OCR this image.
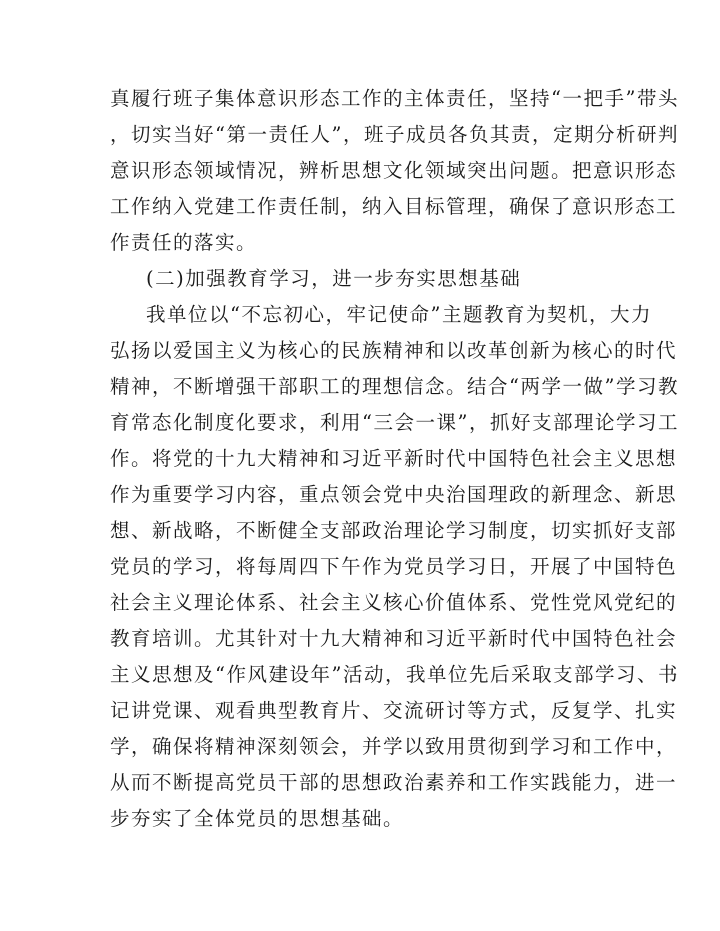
真履行班子集体意识形态工作的主体责任，坚持“一把手”带头
，切实当好“第一责任人”，班子成员各负其责，定期分析研判
意识形态领域情况，辨析思想文化领域突出问题。把意识形态
工作纳入党建工作责任制，纳入目标管理，确保了意识形态工
作责任的落实。
(二)加强教育学习，进一步夯实思想基础
我单位以“不忘初心，牢记使命”主题教育为契机，大力
弘扬以爱国主义为核心的民族精神和以改革创新为核心的时代
精神，不断增强干部职工的理想信念。结合“两学一做”学习教
育常态化制度化要求，利用“三会一课”，抓好支部理论学习工
作。将党的十九大精神和习近平新时代中国特色社会主义思想
作为重要学习内容，重点领会党中央治国理政的新理念、新思
想、新战略，不断健全支部政治理论学习制度，切实抓好支部
党员的学习，将每周四下午作为党员学习日，开展了中国特色
社会主义理论体系、社会主义核心价值体系、党性党风党纪的
教育培训。尤其针对十九大精神和习近平新时代中国特色社会
主义思想及“作风建设年”活动，我单位先后采取支部学习、书
记讲党课、观看典型教育片、交流研讨等方式，反复学、扎实
学，确保将精神深刻领会，并学以致用贯彻到学习和工作中，
从而不断提高党员干部的思想政治素养和工作实践能力，进一
步夯实了全体党员的思想基础。
